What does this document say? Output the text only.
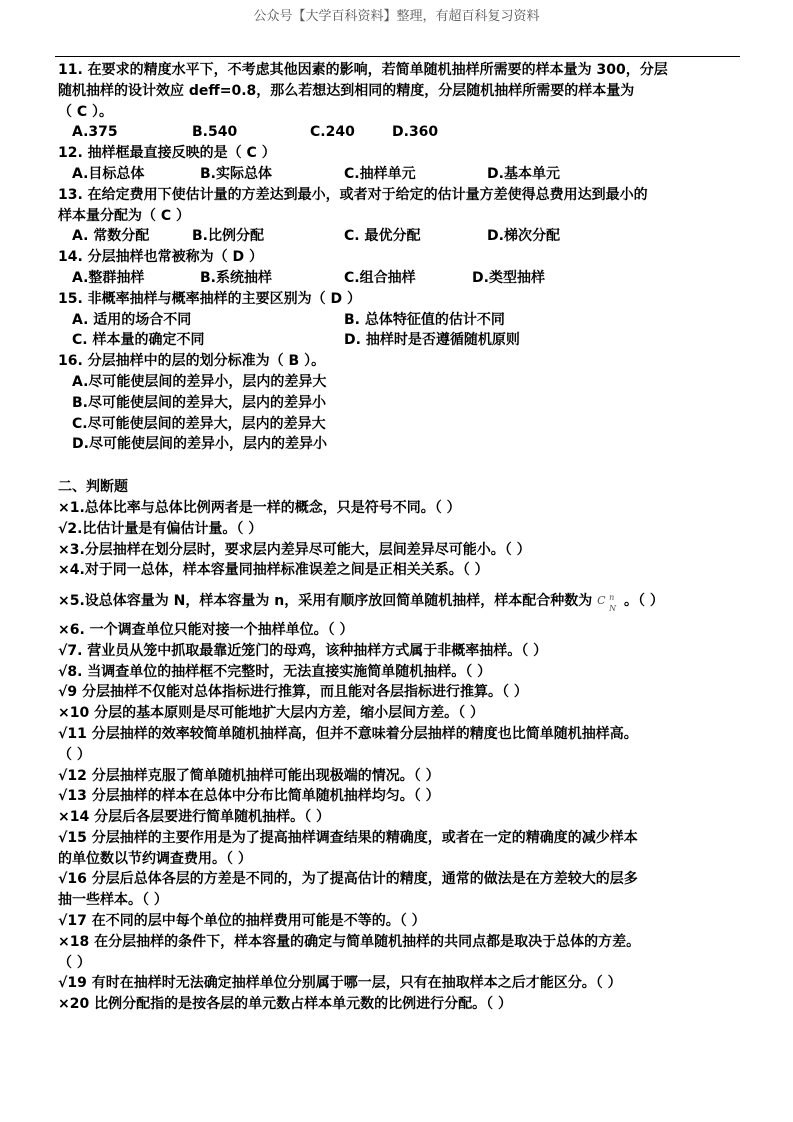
公众号【大学百科资料】整理，有超百科复习资料
11. 在要求的精度水平下，不考虑其他因素的影响，若简单随机抽样所需要的样本量为 300，分层
随机抽样的设计效应 deff=0.8，那么若想达到相同的精度，分层随机抽样所需要的样本量为
（ C ）。
A.375	B.540	C.240	D.360
12. 抽样框最直接反映的是（ C ）
A.目标总体	B.实际总体	C.抽样单元	D.基本单元
13. 在给定费用下使估计量的方差达到最小，或者对于给定的估计量方差使得总费用达到最小的
样本量分配为（ C ）
A. 常数分配	B.比例分配	C. 最优分配	D.梯次分配
14. 分层抽样也常被称为（ D ）
A.整群抽样	B.系统抽样	C.组合抽样	D.类型抽样
15. 非概率抽样与概率抽样的主要区别为（ D ）
A. 适用的场合不同	B. 总体特征值的估计不同
C. 样本量的确定不同	D. 抽样时是否遵循随机原则
16. 分层抽样中的层的划分标准为（ B ）。
A.尽可能使层间的差异小，层内的差异大
B.尽可能使层间的差异大，层内的差异小
C.尽可能使层间的差异大，层内的差异大
D.尽可能使层间的差异小，层内的差异小
二、判断题
×1.总体比率与总体比例两者是一样的概念，只是符号不同。（ ）
√2.比估计量是有偏估计量。（ ）
×3.分层抽样在划分层时，要求层内差异尽可能大，层间差异尽可能小。（ ）
×4.对于同一总体，样本容量同抽样标准误差之间是正相关关系。（ ）
×5.设总体容量为 N，样本容量为 n，采用有顺序放回简单随机抽样，样本配合种数为 C n
N 。（ ）
×6. 一个调查单位只能对接一个抽样单位。（ ）
√7. 营业员从笼中抓取最靠近笼门的母鸡，该种抽样方式属于非概率抽样。（ ）
√8. 当调查单位的抽样框不完整时，无法直接实施简单随机抽样。（ ）
√9 分层抽样不仅能对总体指标进行推算，而且能对各层指标进行推算。（ ）
×10 分层的基本原则是尽可能地扩大层内方差，缩小层间方差。（ ）
√11 分层抽样的效率较简单随机抽样高，但并不意味着分层抽样的精度也比简单随机抽样高。
（ ）
√12 分层抽样克服了简单随机抽样可能出现极端的情况。（ ）
√13 分层抽样的样本在总体中分布比简单随机抽样均匀。（ ）
×14 分层后各层要进行简单随机抽样。（ ）
√15 分层抽样的主要作用是为了提高抽样调查结果的精确度，或者在一定的精确度的减少样本
的单位数以节约调查费用。（ ）
√16 分层后总体各层的方差是不同的，为了提高估计的精度，通常的做法是在方差较大的层多
抽一些样本。（ ）
√17 在不同的层中每个单位的抽样费用可能是不等的。（ ）
×18 在分层抽样的条件下，样本容量的确定与简单随机抽样的共同点都是取决于总体的方差。
（ ）
√19 有时在抽样时无法确定抽样单位分别属于哪一层，只有在抽取样本之后才能区分。（ ）
×20 比例分配指的是按各层的单元数占样本单元数的比例进行分配。（ ）
